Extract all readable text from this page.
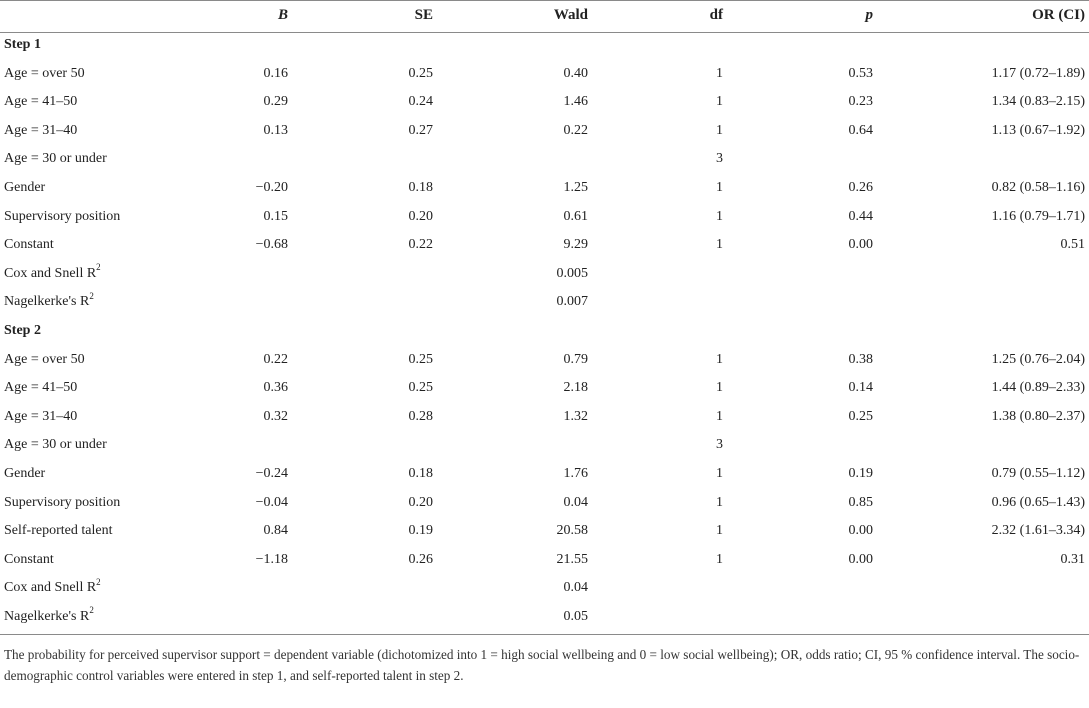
	B	SE	Wald	df	p	OR (CI)
Step 1						
Age = over 50	0.16	0.25	0.40	1	0.53	1.17 (0.72–1.89)
Age = 41–50	0.29	0.24	1.46	1	0.23	1.34 (0.83–2.15)
Age = 31–40	0.13	0.27	0.22	1	0.64	1.13 (0.67–1.92)
Age = 30 or under				3		
Gender	−0.20	0.18	1.25	1	0.26	0.82 (0.58–1.16)
Supervisory position	0.15	0.20	0.61	1	0.44	1.16 (0.79–1.71)
Constant	−0.68	0.22	9.29	1	0.00	0.51
Cox and Snell $R^2$			0.005			
Nagelkerke's $R^2$			0.007			
Step 2						
Age = over 50	0.22	0.25	0.79	1	0.38	1.25 (0.76–2.04)
Age = 41–50	0.36	0.25	2.18	1	0.14	1.44 (0.89–2.33)
Age = 31–40	0.32	0.28	1.32	1	0.25	1.38 (0.80–2.37)
Age = 30 or under				3		
Gender	−0.24	0.18	1.76	1	0.19	0.79 (0.55–1.12)
Supervisory position	−0.04	0.20	0.04	1	0.85	0.96 (0.65–1.43)
Self-reported talent	0.84	0.19	20.58	1	0.00	2.32 (1.61–3.34)
Constant	−1.18	0.26	21.55	1	0.00	0.31
Cox and Snell $R^2$			0.04			
Nagelkerke's $R^2$			0.05			
The probability for perceived supervisor support = dependent variable (dichotomized into 1 = high social wellbeing and 0 = low social wellbeing); OR, odds ratio; CI, 95 % confidence interval. The socio-demographic control variables were entered in step 1, and self-reported talent in step 2.
